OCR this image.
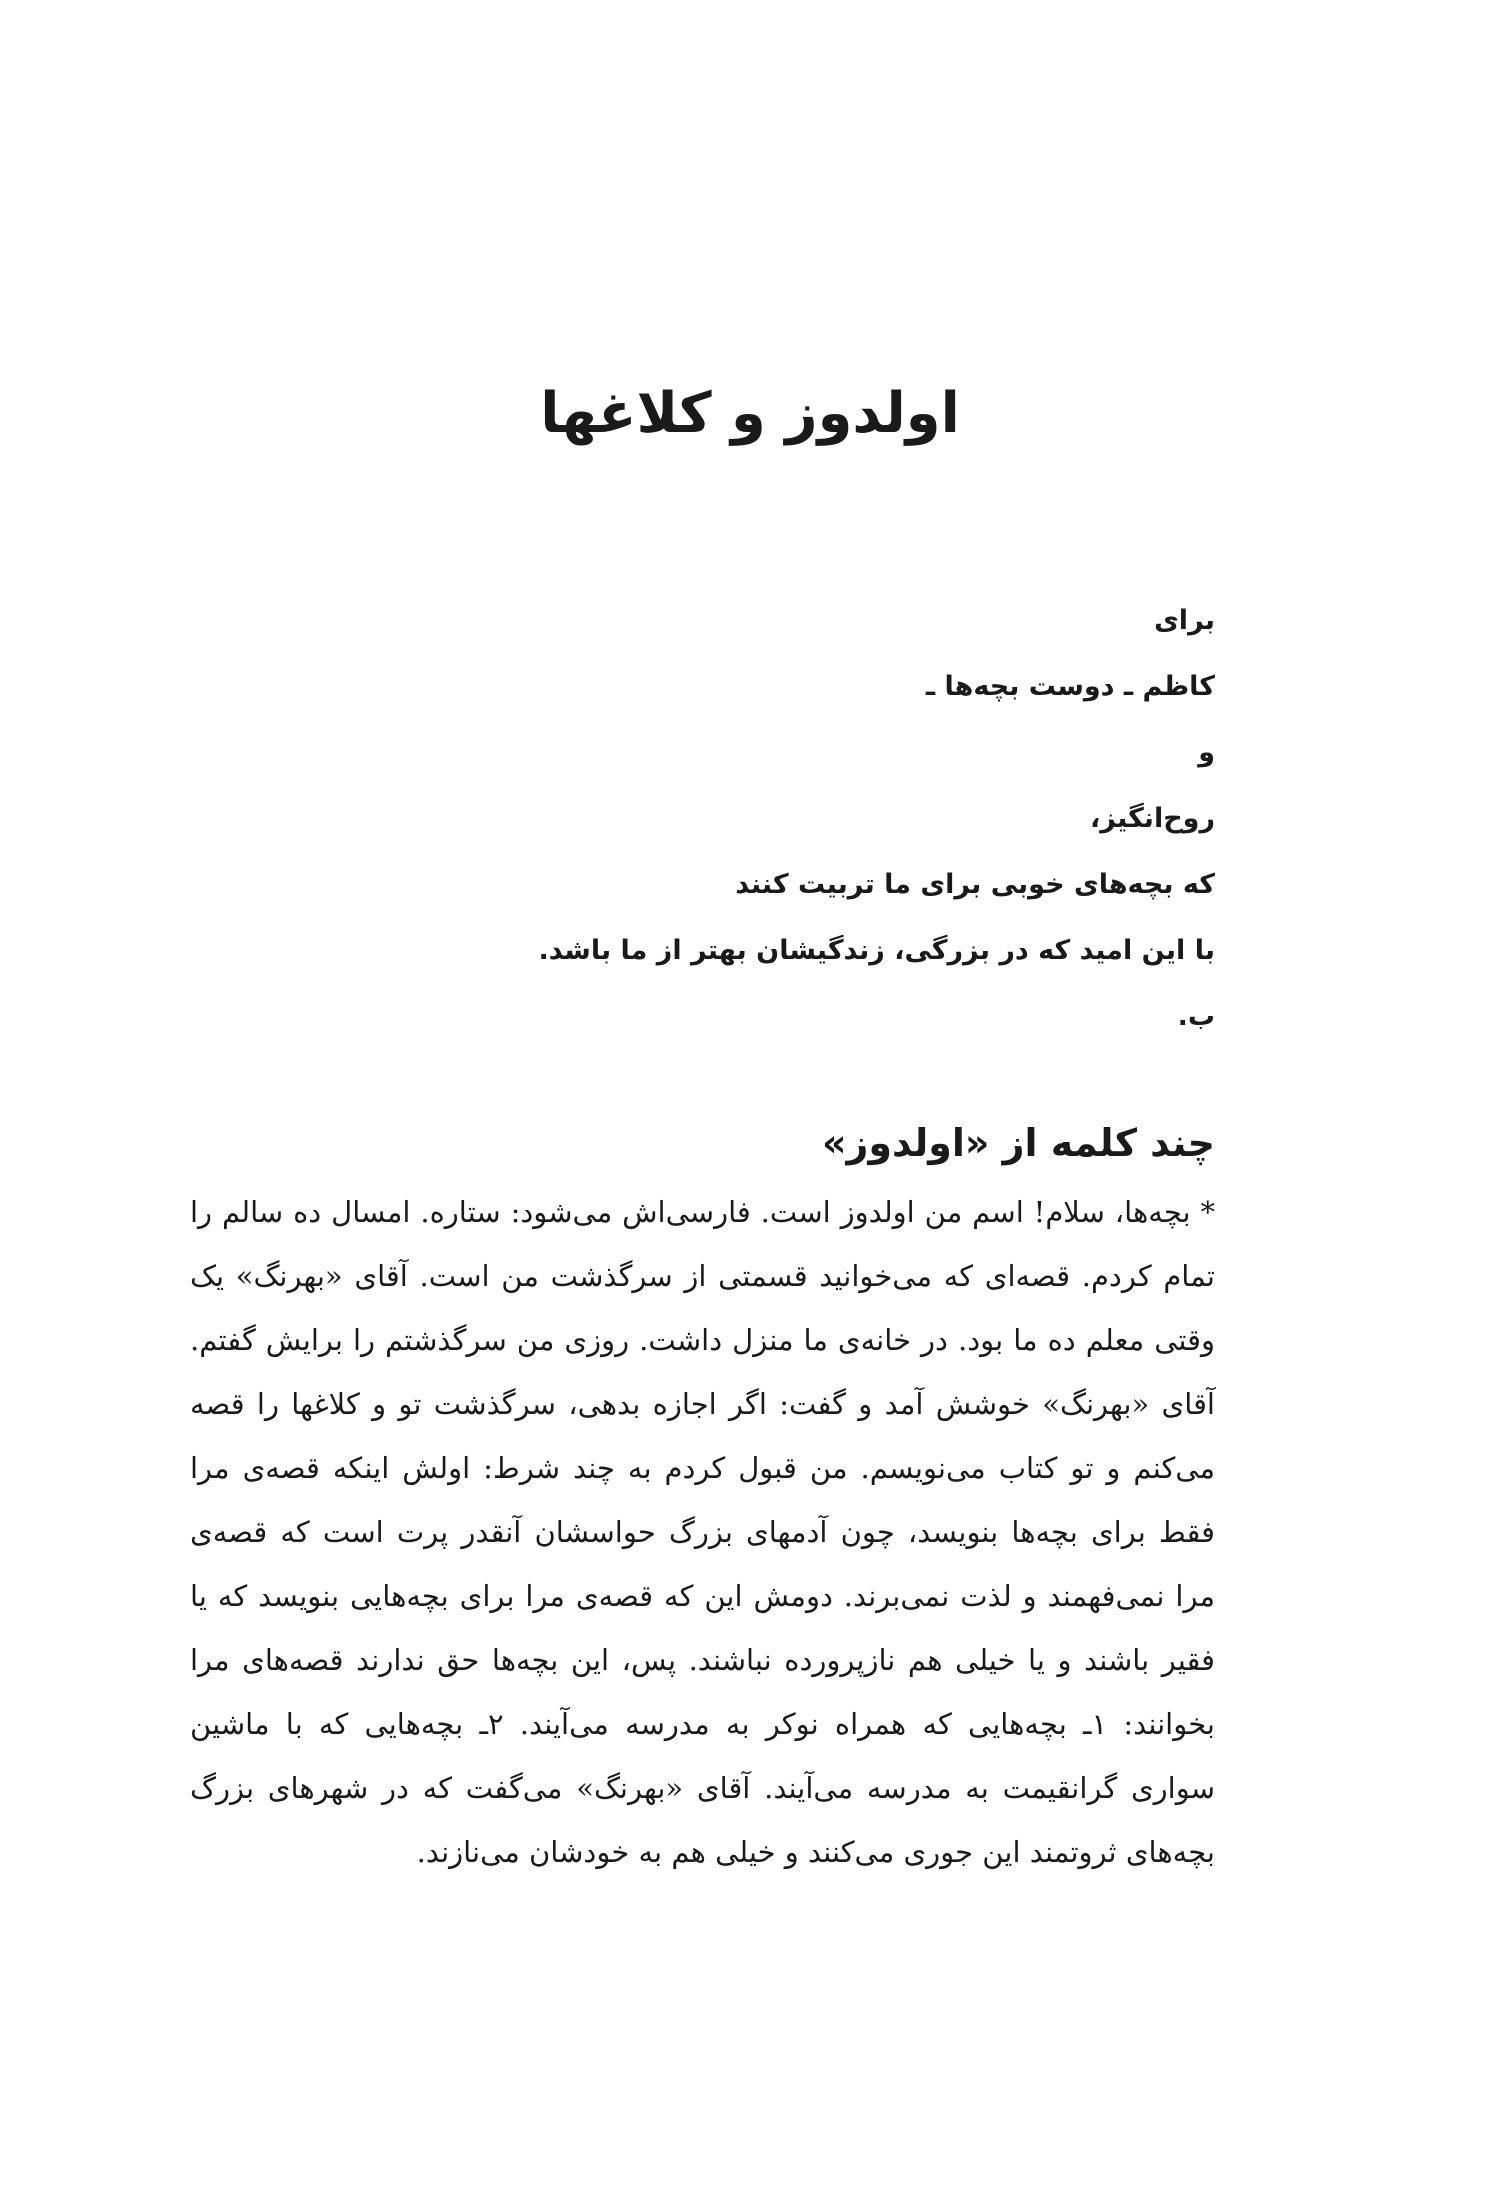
اولدوز و کلاغها
برای
کاظم ـ دوست بچه‌ها ـ
و
روح‌انگیز،
که بچه‌های خوبی برای ما تربیت کنند
با این امید که در بزرگی، زندگیشان بهتر از ما باشد.
ب.
چند کلمه از «اولدوز»

* بچه‌ها، سلام! اسم من اولدوز است. فارسی‌اش می‌شود: ستاره. امسال ده سالم را تمام کردم. قصه‌ای که می‌خوانید قسمتی از سرگذشت من است. آقای «بهرنگ» یک وقتی معلم ده ما بود. در خانه‌ی ما منزل داشت. روزی من سرگذشتم را برایش گفتم. آقای «بهرنگ» خوشش آمد و گفت: اگر اجازه بدهی، سرگذشت تو و کلاغها را قصه می‌کنم و تو کتاب می‌نویسم. من قبول کردم به چند شرط: اولش اینکه قصه‌ی مرا فقط برای بچه‌ها بنویسد، چون آدمهای بزرگ حواسشان آنقدر پرت است که قصه‌ی مرا نمی‌فهمند و لذت نمی‌برند. دومش این که قصه‌ی مرا برای بچه‌هایی بنویسد که یا فقیر باشند و یا خیلی هم نازپرورده نباشند. پس، این بچه‌ها حق ندارند قصه‌های مرا بخوانند: ۱ـ بچه‌هایی که همراه نوکر به مدرسه می‌آیند. ۲ـ بچه‌هایی که با ماشین سواری گرانقیمت به مدرسه می‌آیند. آقای «بهرنگ» می‌گفت که در شهرهای بزرگ بچه‌های ثروتمند این جوری می‌کنند و خیلی هم به خودشان می‌نازند.
